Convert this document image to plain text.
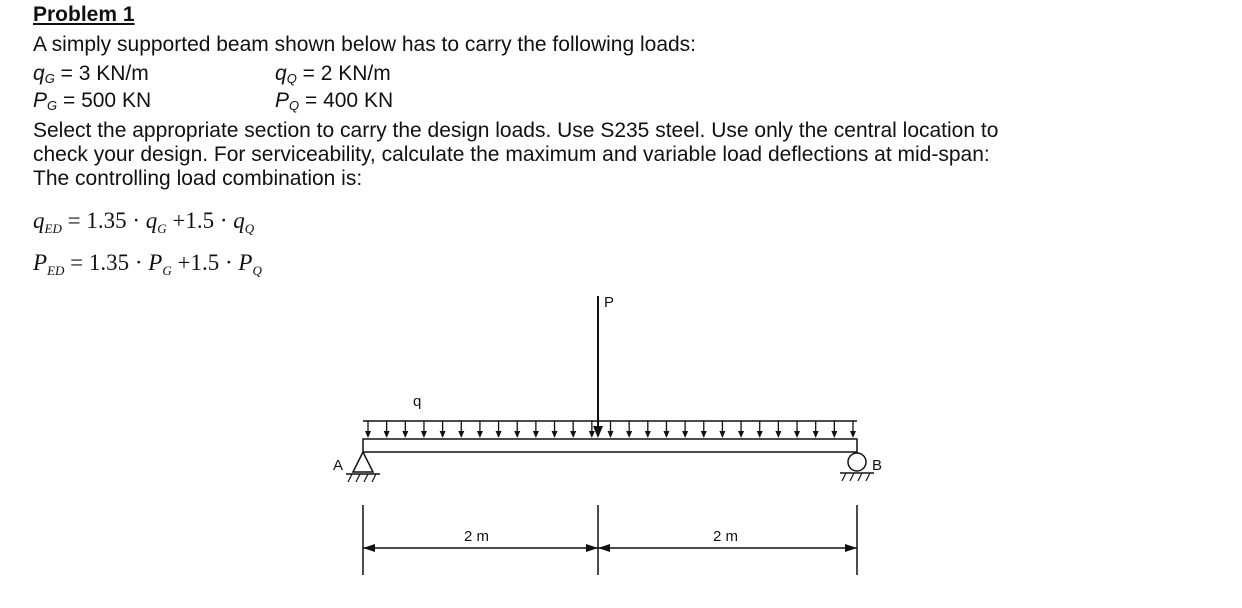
Problem 1
A simply supported beam shown below has to carry the following loads:
$q_G = 3$ KN/m	$q_Q = 2$ KN/m
$P_G = 500$ KN	$P_Q = 400$ KN
Select the appropriate section to carry the design loads. Use S235 steel. Use only the central location to
check your design. For serviceability, calculate the maximum and variable load deflections at mid-span:
The controlling load combination is:
$q_{ED} = 1.35 \cdot q_G +1.5 \cdot q_Q$
$P_{ED} = 1.35 \cdot P_G +1.5 \cdot P_Q$
q
P
A	B
2 m	2 m
